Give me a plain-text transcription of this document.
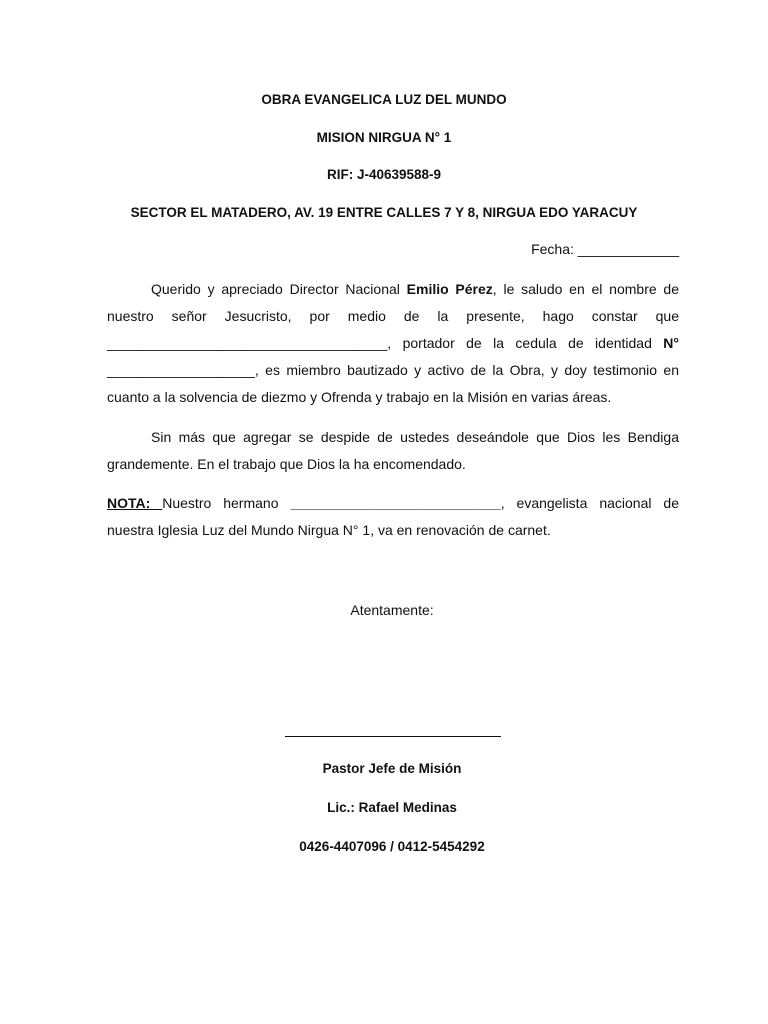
OBRA EVANGELICA LUZ DEL MUNDO
MISION NIRGUA N° 1
RIF: J-40639588-9
SECTOR EL MATADERO, AV. 19 ENTRE CALLES 7 Y 8, NIRGUA EDO YARACUY
Fecha: _____________

Querido y apreciado Director Nacional Emilio Pérez, le saludo en el nombre de nuestro señor Jesucristo, por medio de la presente, hago constar que ____________________________________, portador de la cedula de identidad N° ___________________, es miembro bautizado y activo de la Obra, y doy testimonio en cuanto a la solvencia de diezmo y Ofrenda y trabajo en la Misión en varias áreas.

Sin más que agregar se despide de ustedes deseándole que Dios les Bendiga grandemente. En el trabajo que Dios la ha encomendado.

NOTA: Nuestro hermano ___________________________, evangelista nacional de nuestra Iglesia Luz del Mundo Nirgua N° 1, va en renovación de carnet.

Atentamente:
Pastor Jefe de Misión
Lic.: Rafael Medinas
0426-4407096 / 0412-5454292
